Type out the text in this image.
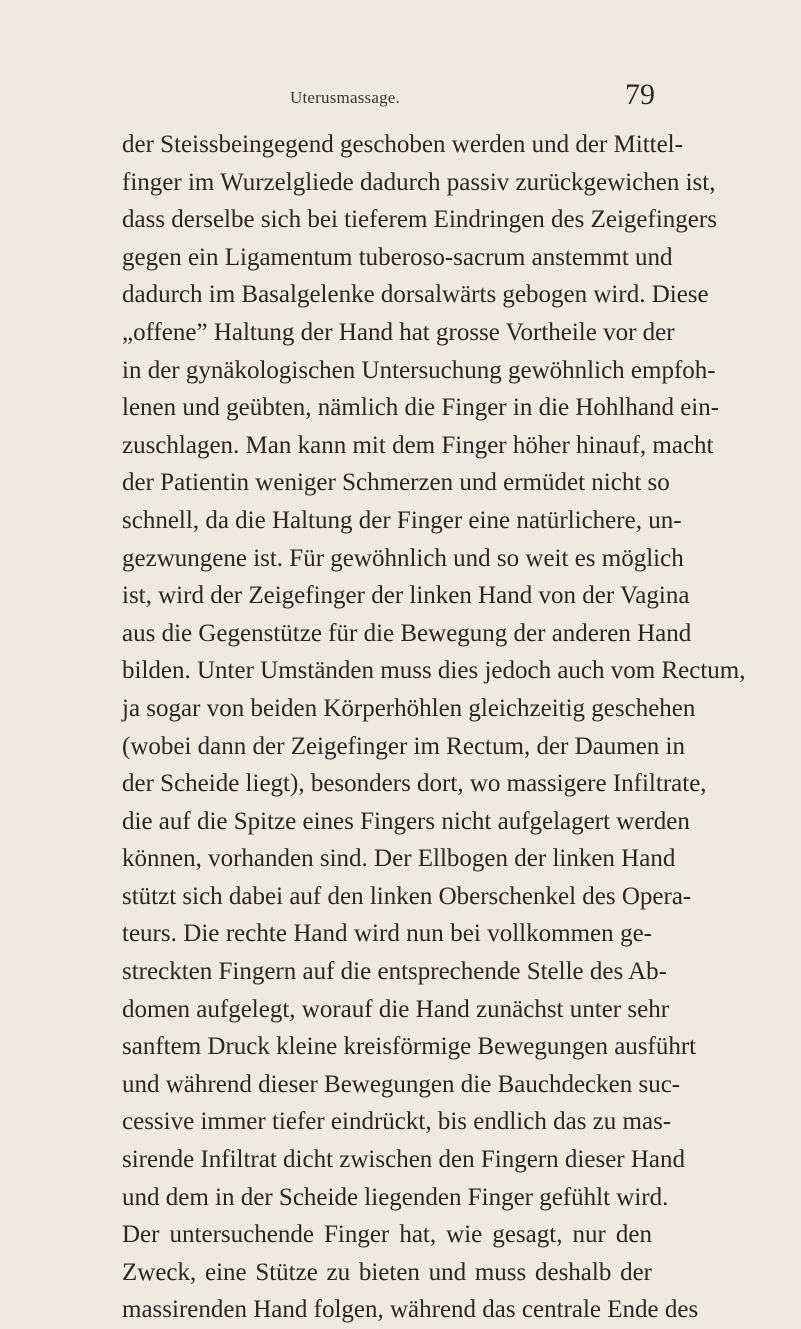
Uterusmassage.	79
der Steissbeingegend geschoben werden und der Mittel-
finger im Wurzelgliede dadurch passiv zurückgewichen ist,
dass derselbe sich bei tieferem Eindringen des Zeigefingers
gegen ein Ligamentum tuberoso-sacrum anstemmt und
dadurch im Basalgelenke dorsalwärts gebogen wird. Diese
„offene” Haltung der Hand hat grosse Vortheile vor der
in der gynäkologischen Untersuchung gewöhnlich empfoh-
lenen und geübten, nämlich die Finger in die Hohlhand ein-
zuschlagen. Man kann mit dem Finger höher hinauf, macht
der Patientin weniger Schmerzen und ermüdet nicht so
schnell, da die Haltung der Finger eine natürlichere, un-
gezwungene ist. Für gewöhnlich und so weit es möglich
ist, wird der Zeigefinger der linken Hand von der Vagina
aus die Gegenstütze für die Bewegung der anderen Hand
bilden. Unter Umständen muss dies jedoch auch vom Rectum,
ja sogar von beiden Körperhöhlen gleichzeitig geschehen
(wobei dann der Zeigefinger im Rectum, der Daumen in
der Scheide liegt), besonders dort, wo massigere Infiltrate,
die auf die Spitze eines Fingers nicht aufgelagert werden
können, vorhanden sind. Der Ellbogen der linken Hand
stützt sich dabei auf den linken Oberschenkel des Opera-
teurs. Die rechte Hand wird nun bei vollkommen ge-
streckten Fingern auf die entsprechende Stelle des Ab-
domen aufgelegt, worauf die Hand zunächst unter sehr
sanftem Druck kleine kreisförmige Bewegungen ausführt
und während dieser Bewegungen die Bauchdecken suc-
cessive immer tiefer eindrückt, bis endlich das zu mas-
sirende Infiltrat dicht zwischen den Fingern dieser Hand
und dem in der Scheide liegenden Finger gefühlt wird.
Der untersuchende Finger hat, wie gesagt, nur den
Zweck, eine Stütze zu bieten und muss deshalb der
massirenden Hand folgen, während das centrale Ende des
